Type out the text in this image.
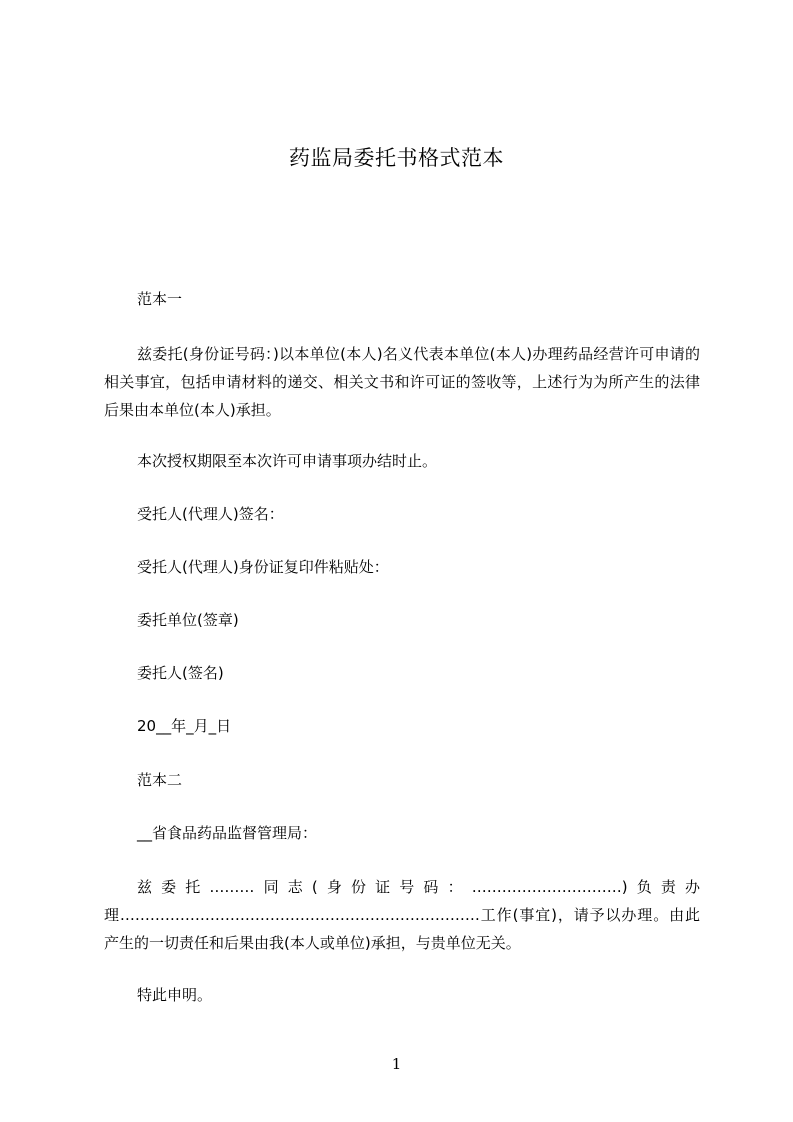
药监局委托书格式范本
范本一
兹委托(身份证号码：)以本单位(本人)名义代表本单位(本人)办理药品经营许可申请的相关事宜，包括申请材料的递交、相关文书和许可证的签收等，上述行为为所产生的法律后果由本单位(本人)承担。
本次授权期限至本次许可申请事项办结时止。
受托人(代理人)签名：
受托人(代理人)身份证复印件粘贴处：
委托单位(签章)
委托人(签名)
20__年_月_日
范本二
__省食品药品监督管理局：
兹委托………同志(身份证号码：…………………………)负责办理………………………………………………………………工作(事宜)，请予以办理。由此产生的一切责任和后果由我(本人或单位)承担，与贵单位无关。
特此申明。
1
